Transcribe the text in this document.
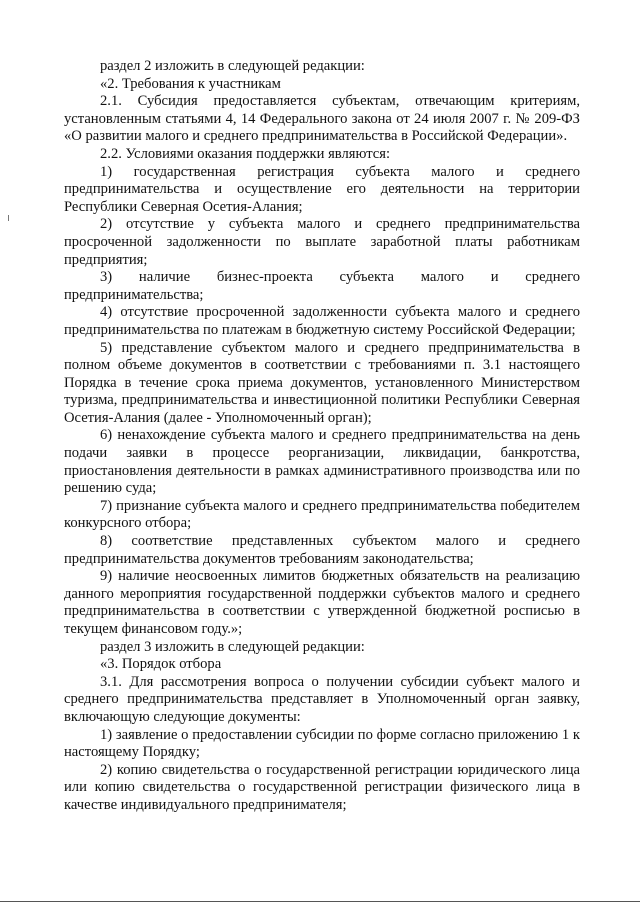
раздел 2 изложить в следующей редакции:

«2. Требования к участникам

2.1. Субсидия предоставляется субъектам, отвечающим критериям, установленным статьями 4, 14 Федерального закона от 24 июля 2007 г. № 209-ФЗ «О развитии малого и среднего предпринимательства в Российской Федерации».

2.2. Условиями оказания поддержки являются:

1) государственная регистрация субъекта малого и среднего предпринимательства и осуществление его деятельности на территории Республики Северная Осетия-Алания;

2) отсутствие у субъекта малого и среднего предпринимательства просроченной задолженности по выплате заработной платы работникам предприятия;

3) наличие бизнес-проекта субъекта малого и среднего предпринимательства;

4) отсутствие просроченной задолженности субъекта малого и среднего предпринимательства по платежам в бюджетную систему Российской Федерации;

5) представление субъектом малого и среднего предпринимательства в полном объеме документов в соответствии с требованиями п. 3.1 настоящего Порядка в течение срока приема документов, установленного Министерством туризма, предпринимательства и инвестиционной политики Республики Северная Осетия-Алания (далее - Уполномоченный орган);

6) ненахождение субъекта малого и среднего предпринимательства на день подачи заявки в процессе реорганизации, ликвидации, банкротства, приостановления деятельности в рамках административного производства или по решению суда;

7) признание субъекта малого и среднего предпринимательства победителем конкурсного отбора;

8) соответствие представленных субъектом малого и среднего предпринимательства документов требованиям законодательства;

9) наличие неосвоенных лимитов бюджетных обязательств на реализацию данного мероприятия государственной поддержки субъектов малого и среднего предпринимательства в соответствии с утвержденной бюджетной росписью в текущем финансовом году.»;

раздел 3 изложить в следующей редакции:

«3. Порядок отбора

3.1. Для рассмотрения вопроса о получении субсидии субъект малого и среднего предпринимательства представляет в Уполномоченный орган заявку, включающую следующие документы:

1) заявление о предоставлении субсидии по форме согласно приложению 1 к настоящему Порядку;

2) копию свидетельства о государственной регистрации юридического лица или копию свидетельства о государственной регистрации физического лица в качестве индивидуального предпринимателя;
